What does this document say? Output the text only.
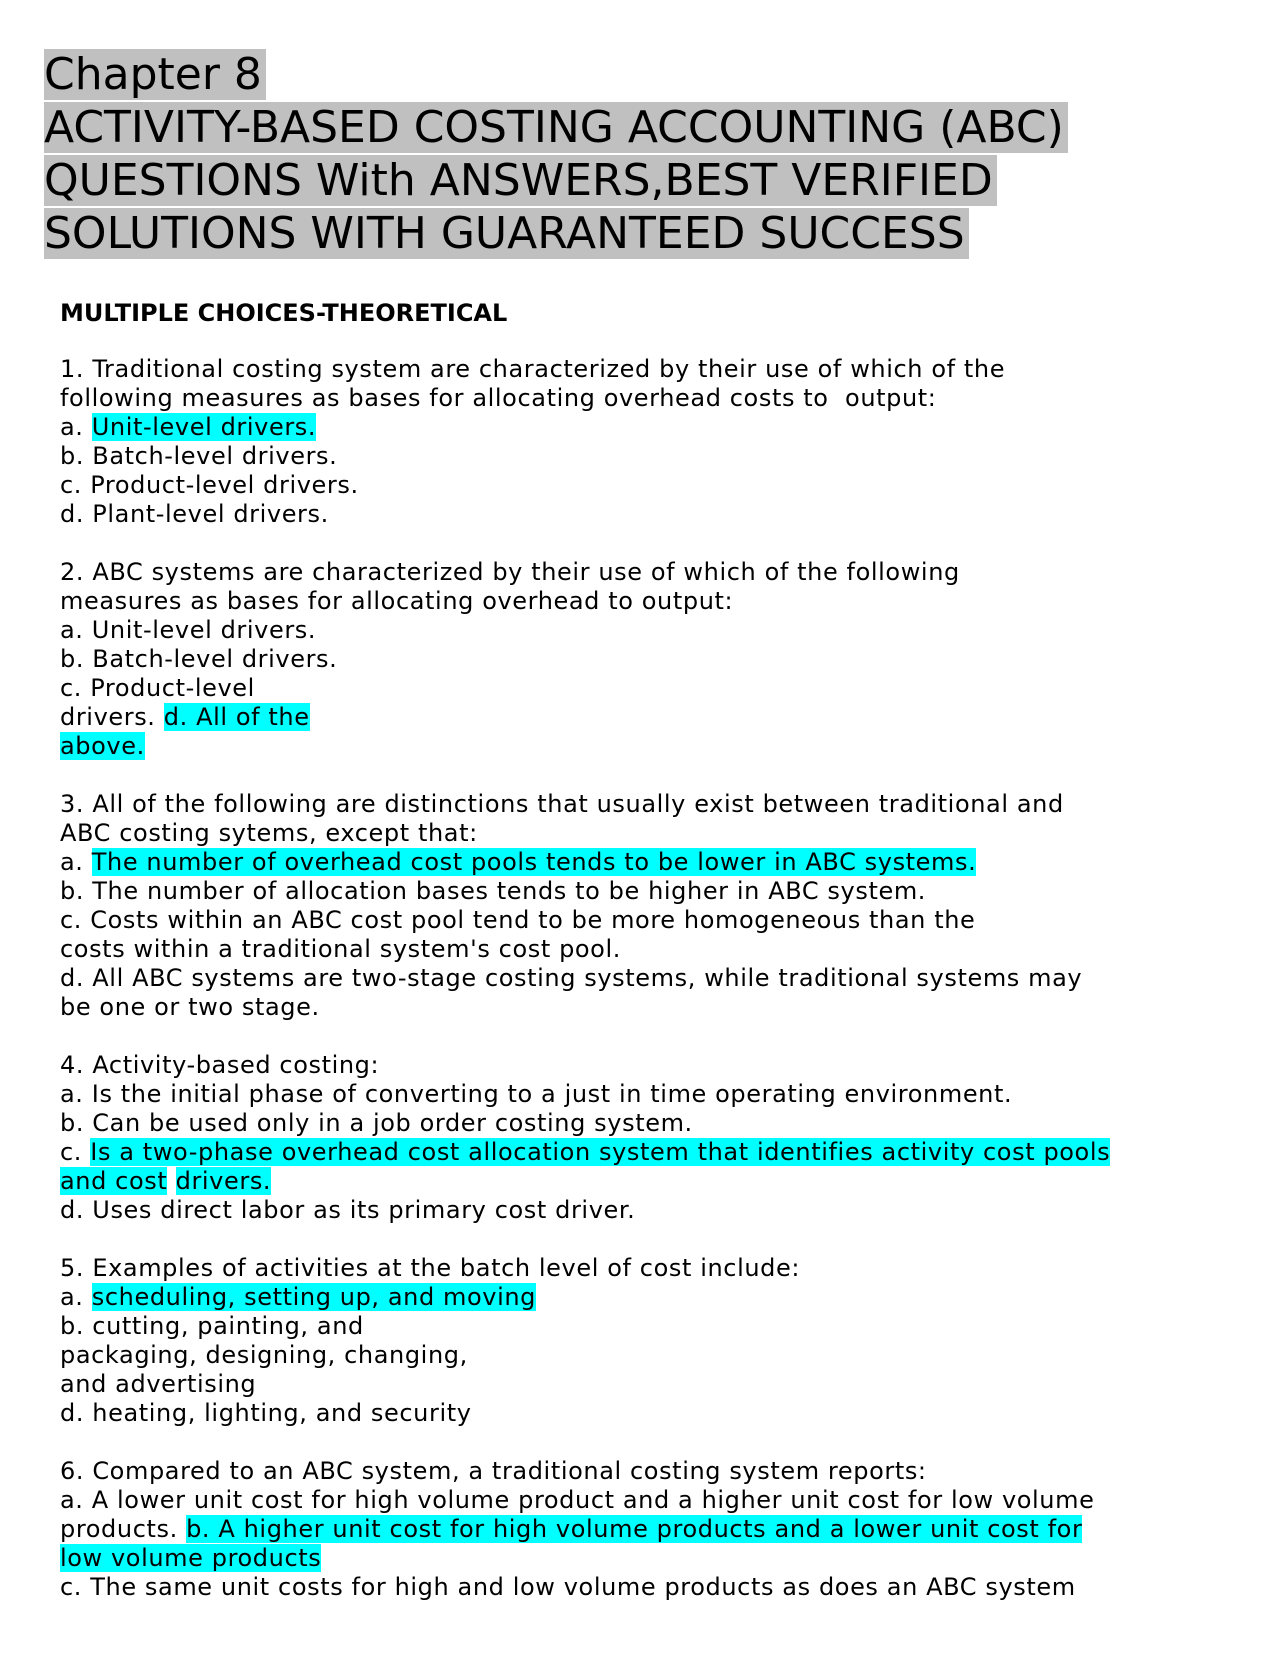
Chapter 8
ACTIVITY-BASED COSTING ACCOUNTING (ABC)
QUESTIONS With ANSWERS,BEST VERIFIED
SOLUTIONS WITH GUARANTEED SUCCESS
MULTIPLE CHOICES-THEORETICAL
1. Traditional costing system are characterized by their use of which of the
following measures as bases for allocating overhead costs to  output:
a. Unit-level drivers.
b. Batch-level drivers.
c. Product-level drivers.
d. Plant-level drivers.
2. ABC systems are characterized by their use of which of the following
measures as bases for allocating overhead to output:
a. Unit-level drivers.
b. Batch-level drivers.
c. Product-level
drivers. d. All of the
above.
3. All of the following are distinctions that usually exist between traditional and
ABC costing sytems, except that:
a. The number of overhead cost pools tends to be lower in ABC systems.
b. The number of allocation bases tends to be higher in ABC system.
c. Costs within an ABC cost pool tend to be more homogeneous than the
costs within a traditional system's cost pool.
d. All ABC systems are two-stage costing systems, while traditional systems may
be one or two stage.
4. Activity-based costing:
a. Is the initial phase of converting to a just in time operating environment.
b. Can be used only in a job order costing system.
c. Is a two-phase overhead cost allocation system that identifies activity cost pools
and cost drivers.
d. Uses direct labor as its primary cost driver.
5. Examples of activities at the batch level of cost include:
a. scheduling, setting up, and moving
b. cutting, painting, and
packaging, designing, changing,
and advertising
d. heating, lighting, and security
6. Compared to an ABC system, a traditional costing system reports:
a. A lower unit cost for high volume product and a higher unit cost for low volume
products. b. A higher unit cost for high volume products and a lower unit cost for
low volume products
c. The same unit costs for high and low volume products as does an ABC system
